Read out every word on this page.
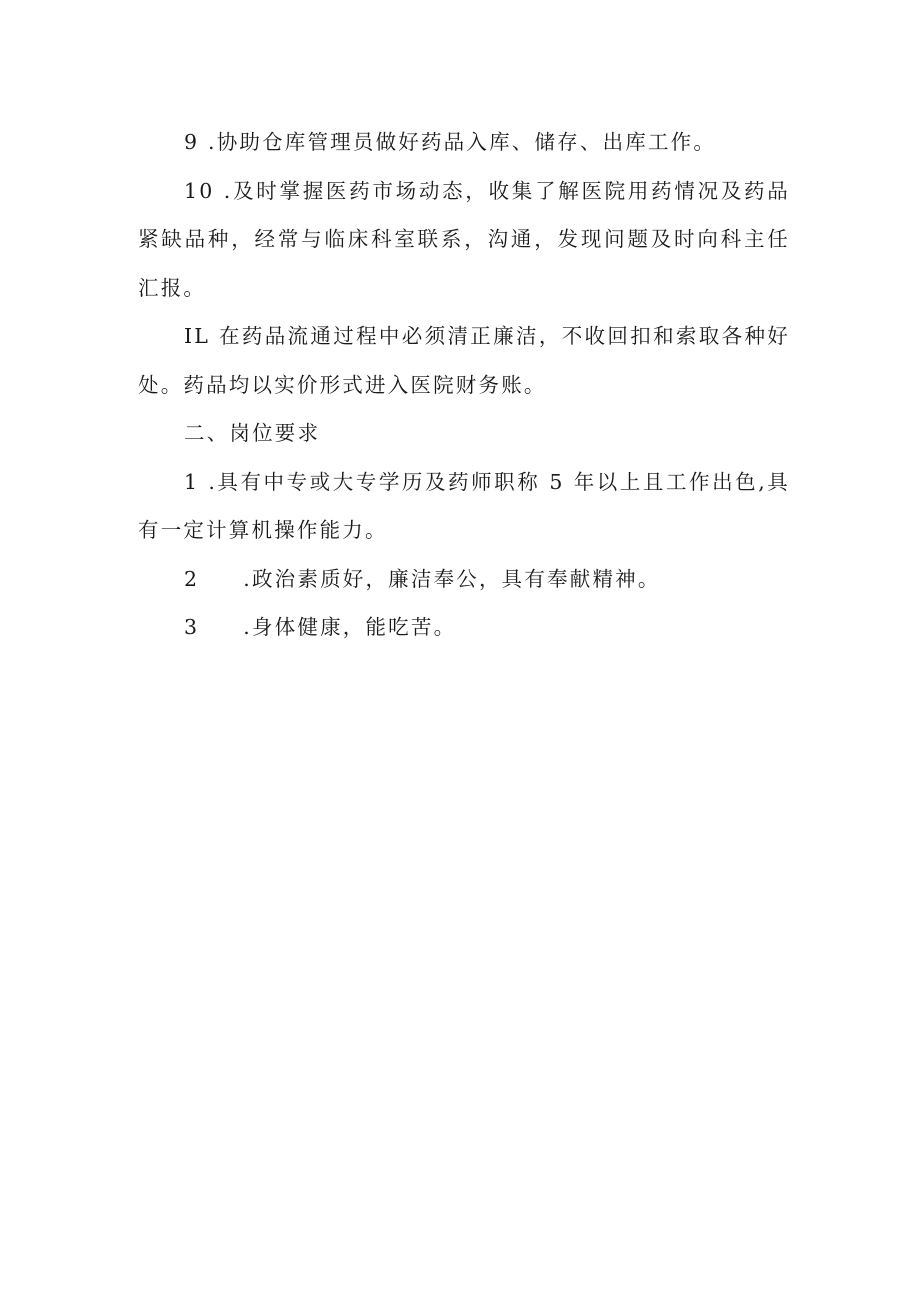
9 .协助仓库管理员做好药品入库、储存、出库工作。

10 .及时掌握医药市场动态，收集了解医院用药情况及药品紧缺品种，经常与临床科室联系，沟通，发现问题及时向科主任汇报。

IL 在药品流通过程中必须清正廉洁，不收回扣和索取各种好处。药品均以实价形式进入医院财务账。

二、岗位要求

1 .具有中专或大专学历及药师职称 5 年以上且工作出色,具有一定计算机操作能力。

2 .政治素质好，廉洁奉公，具有奉献精神。

3 .身体健康，能吃苦。
